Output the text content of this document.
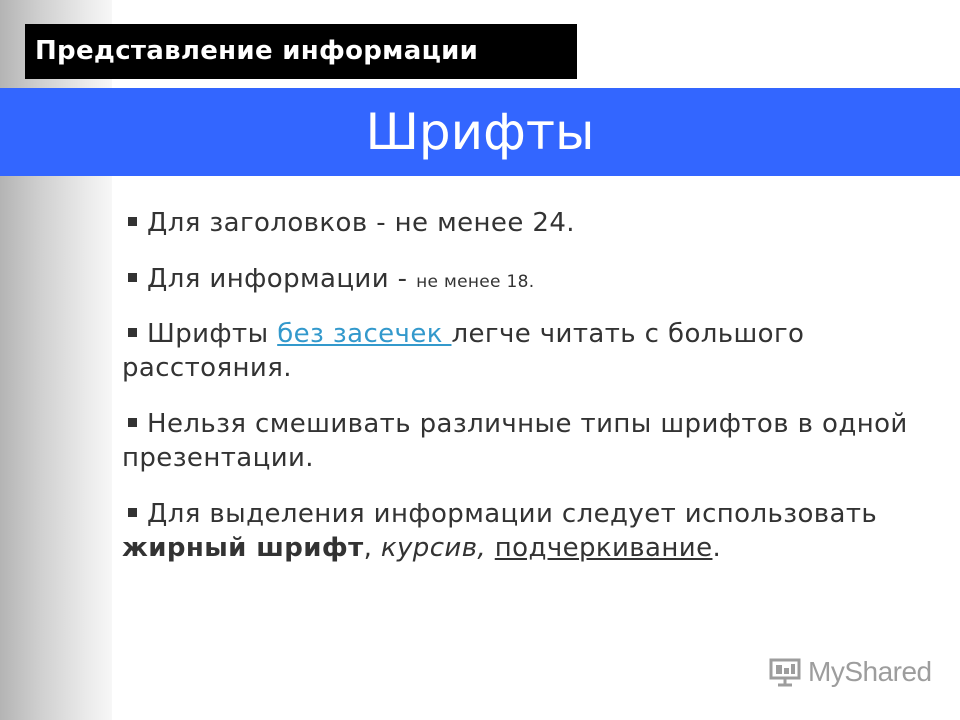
Представление информации
Шрифты
Для заголовков - не менее 24.
Для информации - не менее 18.
Шрифты без засечек легче читать с большого расстояния.
Нельзя смешивать различные типы шрифтов в одной презентации.
Для выделения информации следует использовать жирный шрифт, курсив, подчеркивание.
MyShared
